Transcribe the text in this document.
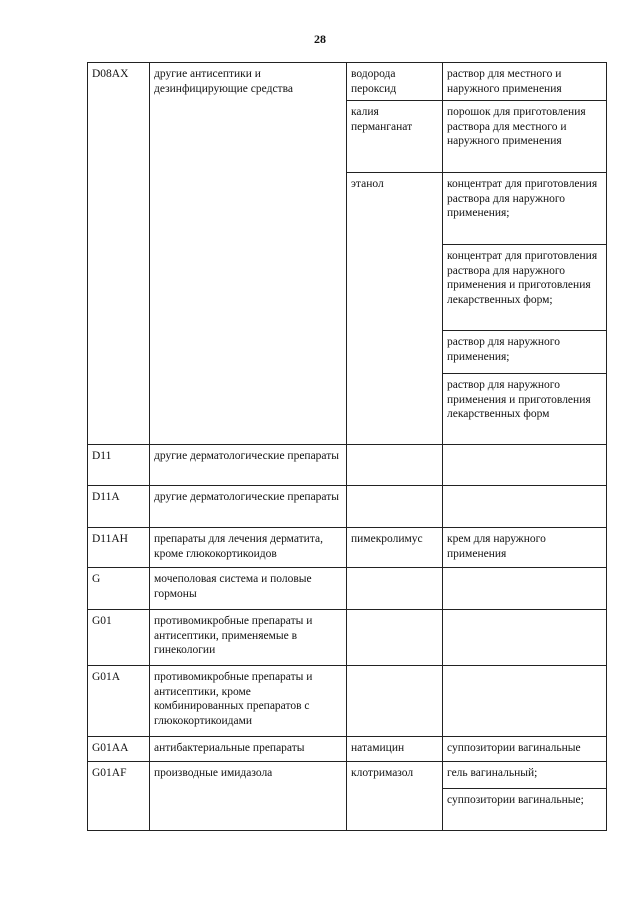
28
D08AX	другие антисептики и дезинфицирующие средства	водорода пероксид	раствор для местного и наружного применения
		калия перманганат	порошок для приготовления раствора для местного и наружного применения
		этанол	концентрат для приготовления раствора для наружного применения;
			концентрат для приготовления раствора для наружного применения и приготовления лекарственных форм;
			раствор для наружного применения;
			раствор для наружного применения и приготовления лекарственных форм
D11	другие дерматологические препараты		
D11A	другие дерматологические препараты		
D11AH	препараты для лечения дерматита, кроме глюкокортикоидов	пимекролимус	крем для наружного применения
G	мочеполовая система и половые гормоны		
G01	противомикробные препараты и антисептики, применяемые в гинекологии		
G01A	противомикробные препараты и антисептики, кроме комбинированных препаратов с глюкокортикоидами		
G01AA	антибактериальные препараты	натамицин	суппозитории вагинальные
G01AF	производные имидазола	клотримазол	гель вагинальный;
			суппозитории вагинальные;
